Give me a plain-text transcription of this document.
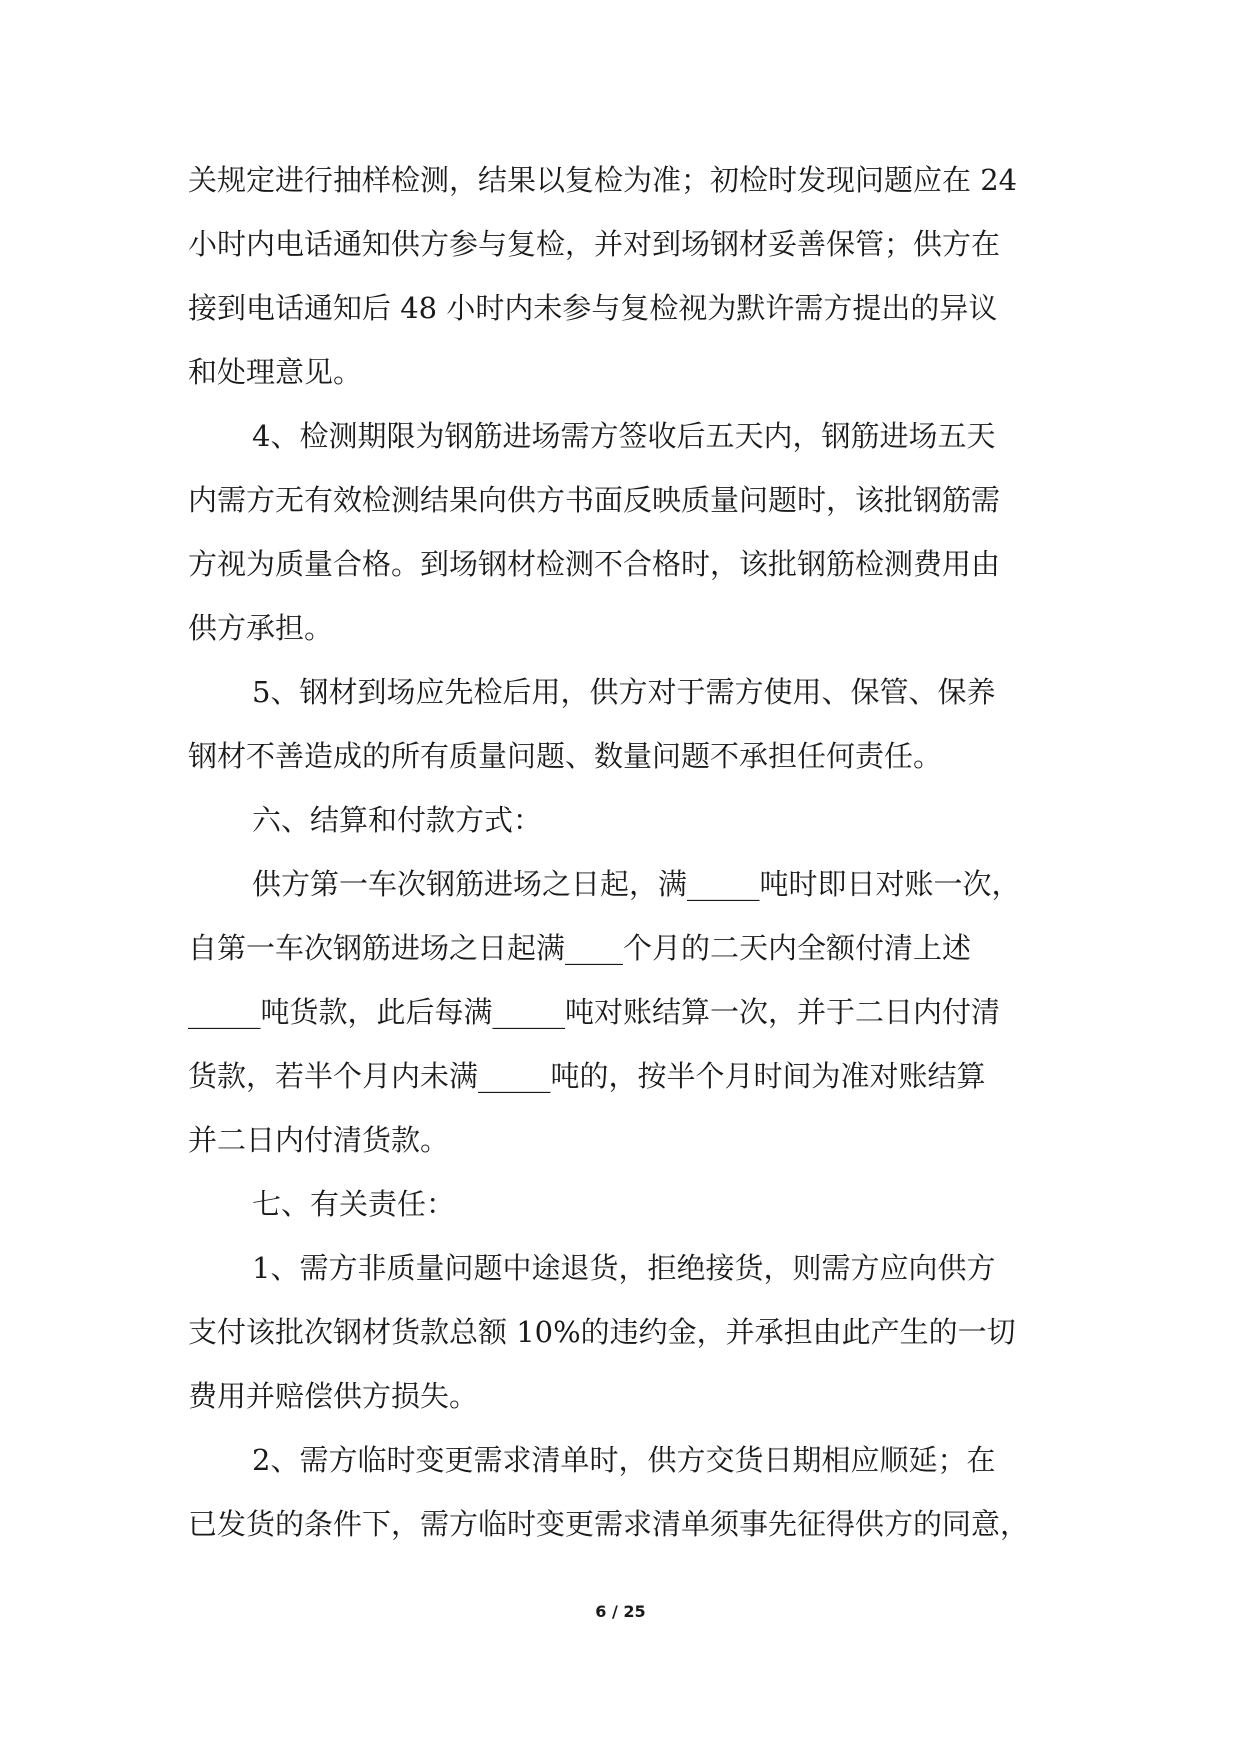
关规定进行抽样检测，结果以复检为准；初检时发现问题应在 24
小时内电话通知供方参与复检，并对到场钢材妥善保管；供方在
接到电话通知后 48 小时内未参与复检视为默许需方提出的异议
和处理意见。
4、检测期限为钢筋进场需方签收后五天内，钢筋进场五天
内需方无有效检测结果向供方书面反映质量问题时，该批钢筋需
方视为质量合格。到场钢材检测不合格时，该批钢筋检测费用由
供方承担。
5、钢材到场应先检后用，供方对于需方使用、保管、保养
钢材不善造成的所有质量问题、数量问题不承担任何责任。
六、结算和付款方式：
供方第一车次钢筋进场之日起，满_____吨时即日对账一次，
自第一车次钢筋进场之日起满____个月的二天内全额付清上述
_____吨货款，此后每满_____吨对账结算一次，并于二日内付清
货款，若半个月内未满_____吨的，按半个月时间为准对账结算
并二日内付清货款。
七、有关责任：
1、需方非质量问题中途退货，拒绝接货，则需方应向供方
支付该批次钢材货款总额 10%的违约金，并承担由此产生的一切
费用并赔偿供方损失。
2、需方临时变更需求清单时，供方交货日期相应顺延；在
已发货的条件下，需方临时变更需求清单须事先征得供方的同意，
6 / 25
